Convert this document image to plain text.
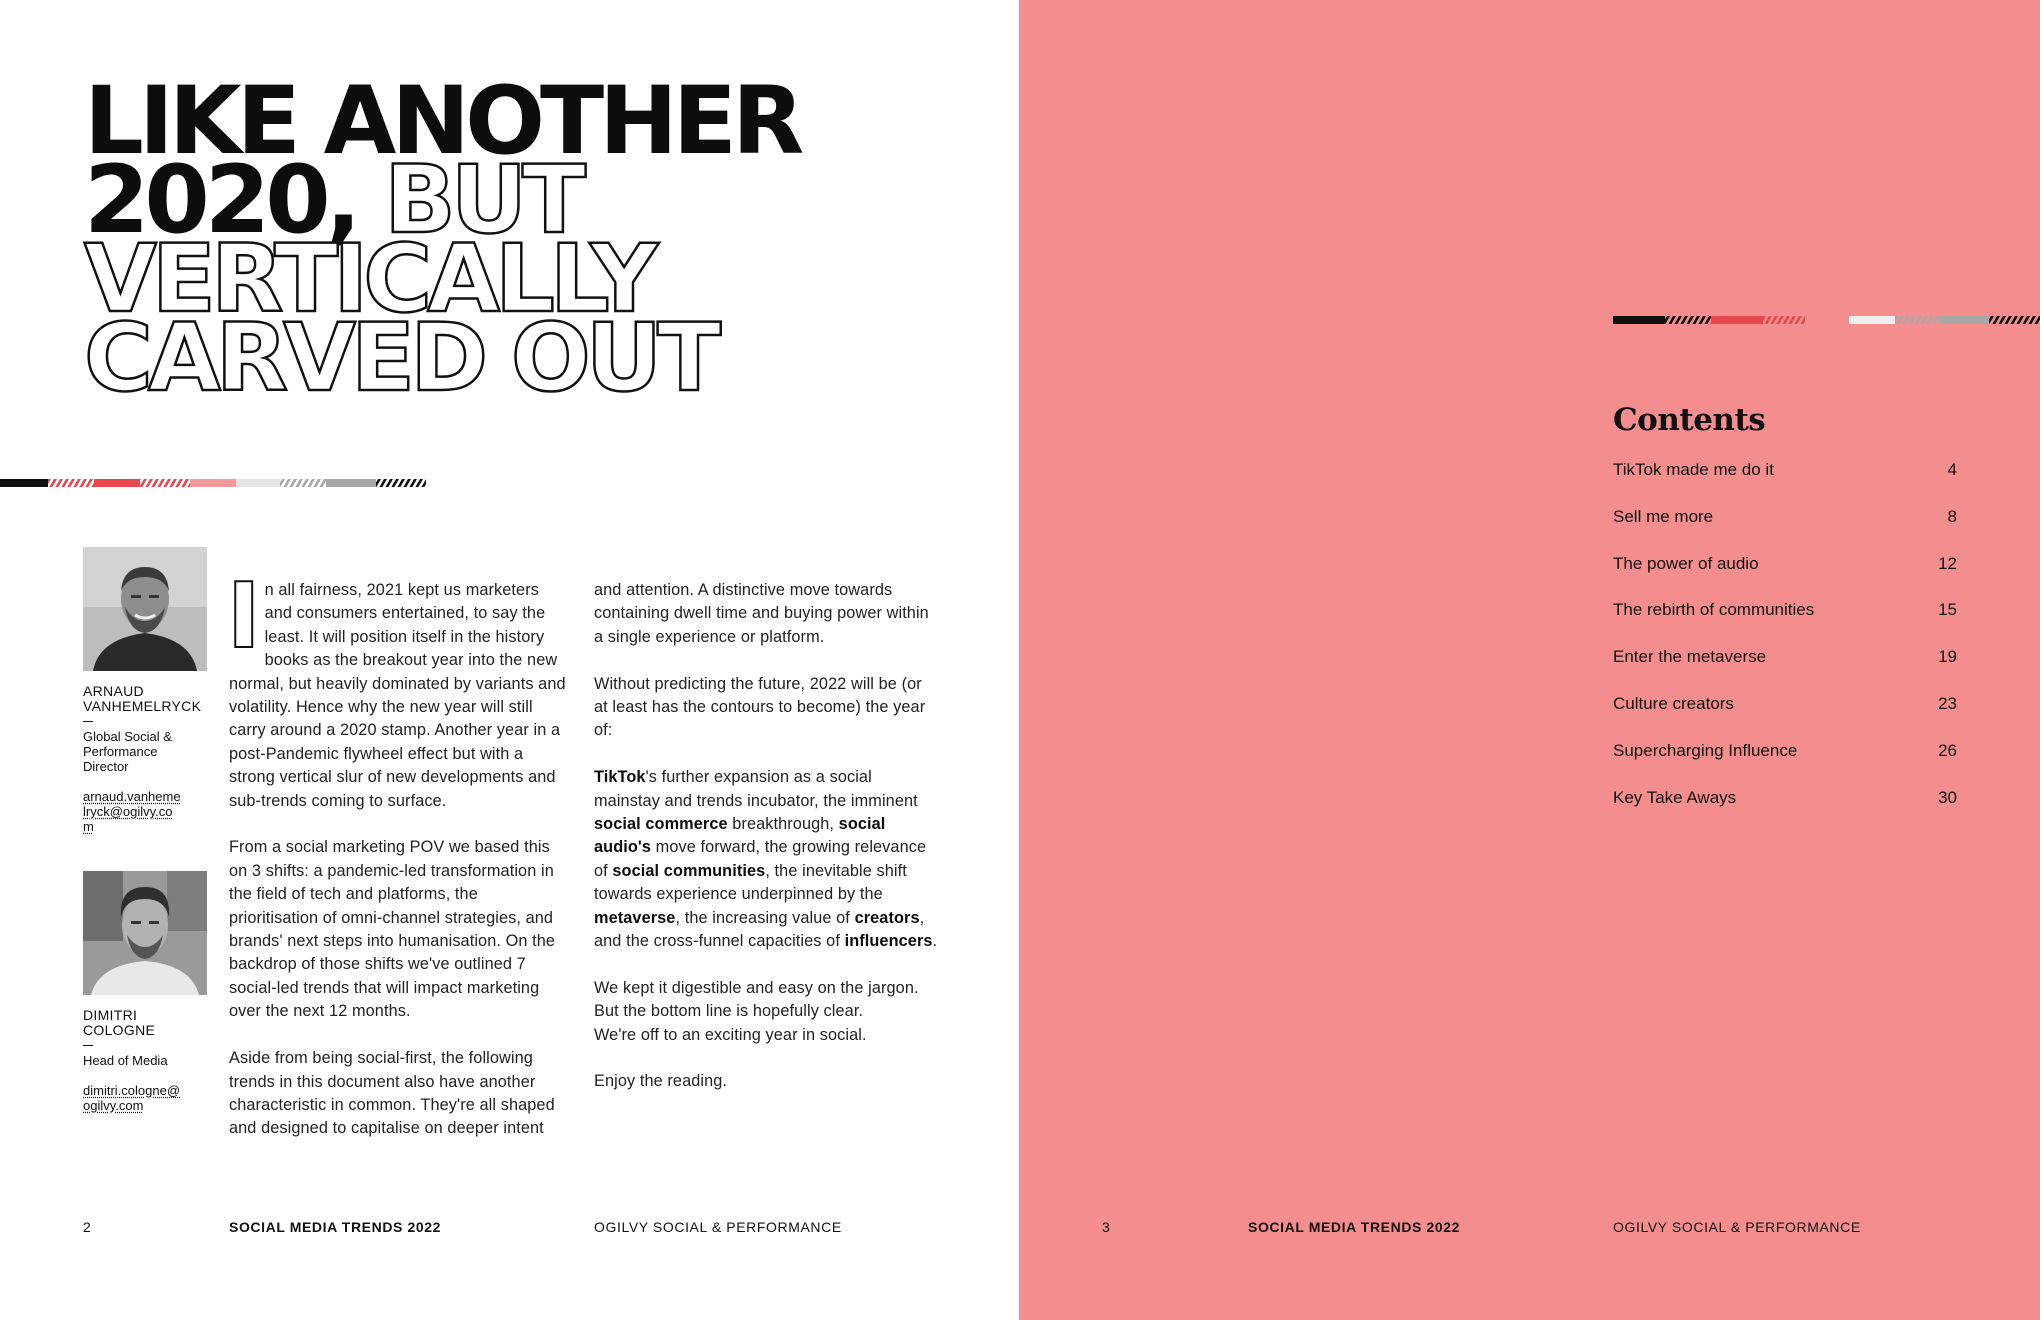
LIKE ANOTHER
2020, BUT
VERTICALLY
CARVED OUT
ARNAUD VANHEMELRYCK
Global Social & Performance Director
arnaud.vanhemelryck@ogilvy.com
DIMITRI COLOGNE
Head of Media
dimitri.cologne@ogilvy.com

In all fairness, 2021 kept us marketers and consumers entertained, to say the least. It will position itself in the history books as the breakout year into the new normal, but heavily dominated by variants and volatility. Hence why the new year will still carry around a 2020 stamp. Another year in a post-Pandemic flywheel effect but with a strong vertical slur of new developments and sub-trends coming to surface.

From a social marketing POV we based this on 3 shifts: a pandemic-led transformation in the field of tech and platforms, the prioritisation of omni-channel strategies, and brands' next steps into humanisation. On the backdrop of those shifts we've outlined 7 social-led trends that will impact marketing over the next 12 months.

Aside from being social-first, the following trends in this document also have another characteristic in common. They're all shaped and designed to capitalise on deeper intent

and attention. A distinctive move towards containing dwell time and buying power within a single experience or platform.

Without predicting the future, 2022 will be (or at least has the contours to become) the year of:

TikTok's further expansion as a social mainstay and trends incubator, the imminent social commerce breakthrough, social audio's move forward, the growing relevance of social communities, the inevitable shift towards experience underpinned by the metaverse, the increasing value of creators, and the cross-funnel capacities of influencers.

We kept it digestible and easy on the jargon.
But the bottom line is hopefully clear.
We're off to an exciting year in social.

Enjoy the reading.

Contents
TikTok made me do it	4
Sell me more	8
The power of audio	12
The rebirth of communities	15
Enter the metaverse	19
Culture creators	23
Supercharging Influence	26
Key Take Aways	30
2	SOCIAL MEDIA TRENDS 2022	OGILVY SOCIAL & PERFORMANCE	3	SOCIAL MEDIA TRENDS 2022	OGILVY SOCIAL & PERFORMANCE
